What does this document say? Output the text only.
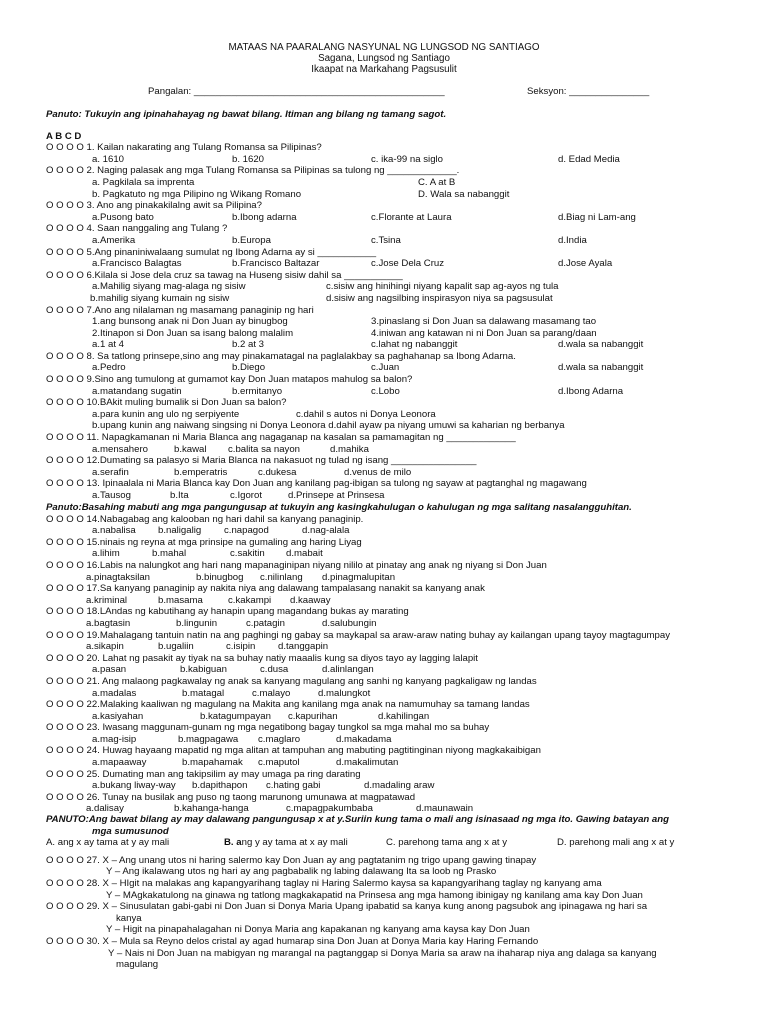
MATAAS NA PAARALANG NASYUNAL NG LUNGSOD NG SANTIAGO
Sagana, Lungsod ng Santiago
Ikaapat na Markahang Pagsusulit
Pangalan: _______________________________________________	Seksyon: _______________
Panuto: Tukuyin ang ipinahahayag ng bawat bilang. Itiman ang bilang ng tamang sagot.
A B C D
O O O O 1. Kailan nakarating ang Tulang Romansa sa Pilipinas?
a. 1610	b. 1620	c. ika-99 na siglo	d. Edad Media
O O O O 2. Naging palasak ang mga Tulang Romansa sa Pilipinas sa tulong ng _____________.
a. Pagkilala sa imprenta	C. A at B
b. Pagkatuto ng mga Pilipino ng Wikang Romano	D. Wala sa nabanggit
O O O O 3. Ano ang pinakakilalng awit sa Pilipina?
a.Pusong bato	b.Ibong adarna	c.Florante at Laura	d.Biag ni Lam-ang
O O O O 4. Saan nanggaling ang Tulang ?
a.Amerika	b.Europa	c.Tsina	d.India
O O O O 5.Ang pinaniniwalaang sumulat ng Ibong Adarna ay si ___________
a.Francisco Balagtas	b.Francisco Baltazar	c.Jose Dela Cruz	d.Jose Ayala
O O O O 6.Kilala si Jose dela cruz sa tawag na Huseng sisiw dahil sa ___________
a.Mahilig siyang mag-alaga ng sisiw	c.sisiw ang hinihingi niyang kapalit sap ag-ayos ng tula
b.mahilig siyang kumain ng sisiw	d.sisiw ang nagsilbing inspirasyon niya sa pagsusulat
O O O O 7.Ano ang nilalaman ng masamang panaginip ng hari
1.ang bunsong anak ni Don Juan ay binugbog	3.pinaslang si Don Juan sa dalawang masamang tao
2.Itinapon si Don Juan sa isang balong malalim	4.iniwan ang katawan ni ni Don Juan sa parang/daan
a.1 at 4	b.2 at 3	c.lahat ng nabanggit	d.wala sa nabanggit
O O O O 8. Sa tatlong prinsepe,sino ang may pinakamatagal na paglalakbay sa paghahanap sa Ibong Adarna.
a.Pedro	b.Diego	c.Juan	d.wala sa nabanggit
O O O O 9.Sino ang tumulong at gumamot kay Don Juan matapos mahulog sa balon?
a.matandang sugatin	b.ermitanyo	c.Lobo	d.Ibong Adarna
O O O O 10.BAkit muling bumalik si Don Juan sa balon?
a.para kunin ang ulo ng serpiyente	c.dahil s autos ni Donya Leonora
b.upang kunin ang naiwang singsing ni Donya Leonora d.dahil ayaw pa niyang umuwi sa kaharian ng berbanya
O O O O 11. Napagkamanan ni Maria Blanca ang nagaganap na kasalan sa pamamagitan ng _____________
a.mensahero	b.kawal c.balita sa nayon	d.mahika
O O O O 12.Dumating sa palasyo si Maria Blanca na nakasuot ng tulad ng isang ________________
a.serafin	b.emperatris	c.dukesa	d.venus de milo
O O O O 13. Ipinaalala ni Maria Blanca kay Don Juan ang kanilang pag-ibigan sa tulong ng sayaw at pagtanghal ng magawang
a.Tausog	b.Ita	c.Igorot	d.Prinsepe at Prinsesa
Panuto:Basahing mabuti ang mga pangungusap at tukuyin ang kasingkahulugan o kahulugan ng mga salitang nasalangguhitan.
O O O O 14.Nabagabag ang kalooban ng hari dahil sa kanyang panaginip.
a.nabalisa b.naligalig c.napagod	d.nag-alala
O O O O 15.ninais ng reyna at mga prinsipe na gumaling ang haring Liyag
a.lihim	b.mahal	c.sakitin d.mabait
O O O O 16.Labis na nalungkot ang hari nang mapanaginipan niyang nililo at pinatay ang anak ng niyang si Don Juan
a.pinagtaksilan	b.binugbog c.nilinlang d.pinagmalupitan
O O O O 17.Sa kanyang panaginip ay nakita niya ang dalawang tampalasang nanakit sa kanyang anak
a.kriminal	b.masama	c.kakampi d.kaaway
O O O O 18.LAndas ng kabutihang ay hanapin upang magandang bukas ay marating
a.bagtasin	b.lingunin	c.patagin	d.salubungin
O O O O 19.Mahalagang tantuin natin na ang paghingi ng gabay sa maykapal sa araw-araw nating buhay ay kailangan upang tayoy magtagumpay
a.sikapin	b.ugaliin	c.isipin d.tanggapin
O O O O 20. Lahat ng pasakit ay tiyak na sa buhay natiy maaalis kung sa diyos tayo ay lagging lalapit
a.pasan	b.kabiguan	c.dusa	d.alinlangan
O O O O 21. Ang malaong pagkawalay ng anak sa kanyang magulang ang sanhi ng kanyang pagkaligaw ng landas
a.madalas	b.matagal	c.malayo	d.malungkot
O O O O 22.Malaking kaaliwan ng magulang na Makita ang kanilang mga anak na namumuhay sa tamang landas
a.kasiyahan	b.katagumpayan c.kapurihan	d.kahilingan
O O O O 23. Iwasang maggunam-gunam ng mga negatibong bagay tungkol sa mga mahal mo sa buhay
a.mag-isip	b.magpagawa c.maglaro	d.makadama
O O O O 24. Huwag hayaang mapatid ng mga alitan at tampuhan ang mabuting pagtitinginan niyong magkakaibigan
a.mapaaway	b.mapahamak c.maputol	d.makalimutan
O O O O 25. Dumating man ang takipsilim ay may umaga pa ring darating
a.bukang liway-way b.dapithapon c.hating gabi	d.madaling araw
O O O O 26. Tunay na busilak ang puso ng taong marunong umunawa at magpatawad
a.dalisay	b.kahanga-hanga	c.mapagpakumbaba	d.maunawain
PANUTO:Ang bawat bilang ay may dalawang pangungusap x at y.Suriin kung tama o mali ang isinasaad ng mga ito. Gawing batayan ang
mga sumusunod
A. ang x ay tama at y ay mali	B. ang y ay tama at x ay mali	C. parehong tama ang x at y	D. parehong mali ang x at y
O O O O 27. X – Ang unang utos ni haring salermo kay Don Juan ay ang pagtatanim ng trigo upang gawing tinapay
Y – Ang ikalawang utos ng hari ay ang pagbabalik ng labing dalawang Ita sa loob ng Prasko
O O O O 28. X – HIgit na malakas ang kapangyarihang taglay ni Haring Salermo kaysa sa kapangyarihang taglay ng kanyang ama
Y – MAgkakatulong na ginawa ng tatlong magkakapatid na Prinsesa ang mga hamong ibinigay ng kanilang ama kay Don Juan
O O O O 29. X – Sinusulatan gabi-gabi ni Don Juan si Donya Maria Upang ipabatid sa kanya kung anong pagsubok ang ipinagawa ng hari sa
kanya
Y – Higit na pinapahalagahan ni Donya Maria ang kapakanan ng kanyang ama kaysa kay Don Juan
O O O O 30. X – Mula sa Reyno delos cristal ay agad humarap sina Don Juan at Donya Maria kay Haring Fernando
Y – Nais ni Don Juan na mabigyan ng marangal na pagtanggap si Donya Maria sa araw na ihaharap niya ang dalaga sa kanyang
magulang
